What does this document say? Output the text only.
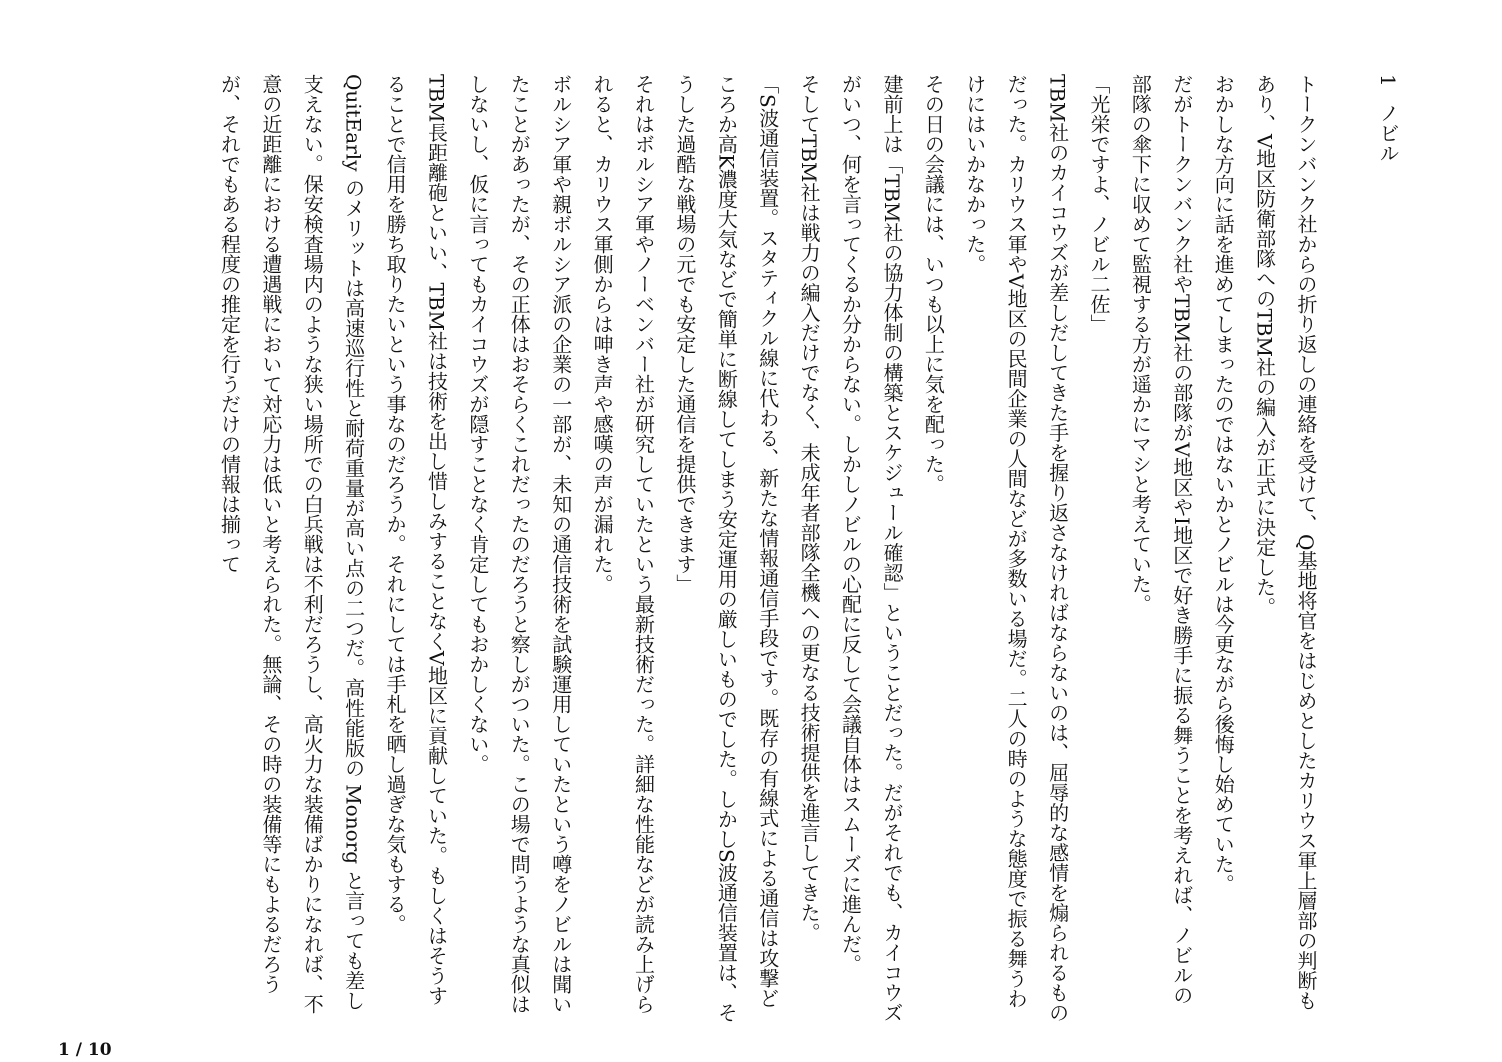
1ノビル

トークンバンク社からの折り返しの連絡を受けて、Q基地将官をはじめとしたカリウス軍上層部の判断もあり、V地区防衛部隊へのTBM社の編入が正式に決定した。

おかしな方向に話を進めてしまったのではないかとノビルは今更ながら後悔し始めていた。

だがトークンバンク社やTBM社の部隊がV地区やI地区で好き勝手に振る舞うことを考えれば、ノビルの部隊の傘下に収めて監視する方が遥かにマシと考えていた。

「光栄ですよ、ノビル二佐」

TBM社のカイコウズが差しだしてきた手を握り返さなければならないのは、屈辱的な感情を煽られるものだった。カリウス軍やV地区の民間企業の人間などが多数いる場だ。二人の時のような態度で振る舞うわけにはいかなかった。

その日の会議には、いつも以上に気を配った。

建前上は「TBM社の協力体制の構築とスケジュール確認」ということだった。だがそれでも、カイコウズがいつ、何を言ってくるか分からない。しかしノビルの心配に反して会議自体はスムーズに進んだ。

そしてTBM社は戦力の編入だけでなく、未成年者部隊全機への更なる技術提供を進言してきた。

「S波通信装置。スタティクル線に代わる、新たな情報通信手段です。既存の有線式による通信は攻撃どころか高K濃度大気などで簡単に断線してしまう安定運用の厳しいものでした。しかしS波通信装置は、そうした過酷な戦場の元でも安定した通信を提供できます」

それはボルシア軍やノーベンバー社が研究していたという最新技術だった。詳細な性能などが読み上げられると、カリウス軍側からは呻き声や感嘆の声が漏れた。

ボルシア軍や親ボルシア派の企業の一部が、未知の通信技術を試験運用していたという噂をノビルは聞いたことがあったが、その正体はおそらくこれだったのだろうと察しがついた。この場で問うような真似はしないし、仮に言ってもカイコウズが隠すことなく肯定してもおかしくない。

TBM長距離砲といい、TBM社は技術を出し惜しみすることなくV地区に貢献していた。もしくはそうすることで信用を勝ち取りたいという事なのだろうか。それにしては手札を晒し過ぎな気もする。

QuitEarly のメリットは高速巡行性と耐荷重量が高い点の二つだ。高性能版の Monorg と言っても差し支えない。保安検査場内のような狭い場所での白兵戦は不利だろうし、高火力な装備ばかりになれば、不意の近距離における遭遇戦において対応力は低いと考えられた。無論、その時の装備等にもよるだろうが、それでもある程度の推定を行うだけの情報は揃って

1 / 10
